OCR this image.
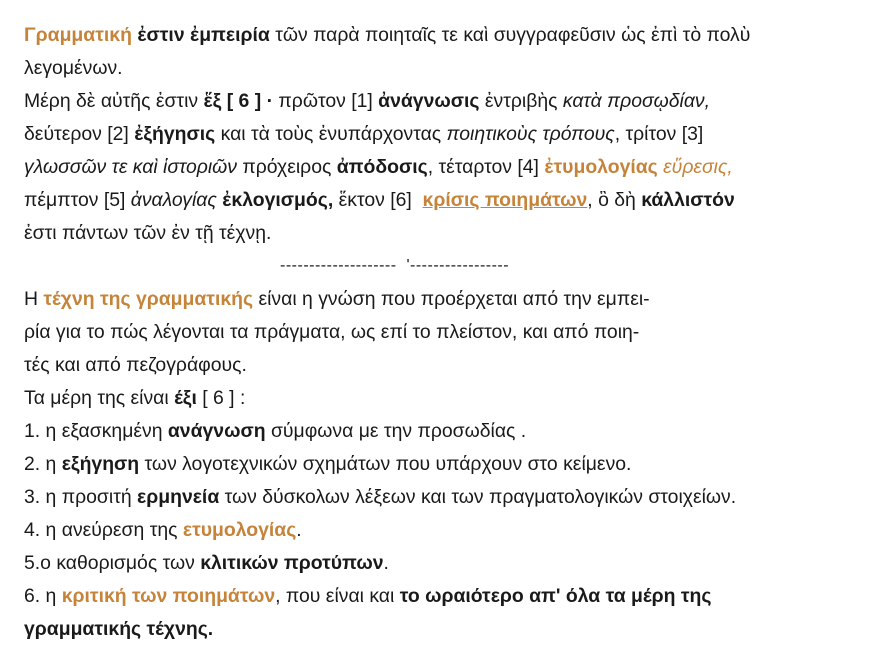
Γραμματική ἐστιν ἐμπειρία τῶν παρὰ ποιηταῖς τε καὶ συγγραφεῦσιν ὡς ἐπὶ τὸ πολὺ
λεγομένων.
Μέρη δὲ αὐτῆς ἐστιν ἕξ [ 6 ] · πρῶτον [1] ἀνάγνωσις ἐντριβὴς κατὰ προσῳδίαν,
δεύτερον [2] ἐξήγησις και τὰ τοὺς ἐνυπάρχοντας ποιητικοὺς τρόπους, τρίτον [3]
γλωσσῶν τε καὶ ἱστοριῶν πρόχειρος ἀπόδοσις, τέταρτον [4] ἐτυμολογίας εὕρεσις,
πέμπτον [5] ἀναλογίας ἐκλογισμός, ἕκτον [6]  κρίσις ποιημάτων, ὃ δὴ κάλλιστόν
ἐστι πάντων τῶν ἐν τῇ τέχνῃ.
--------------------  '-----------------
Η τέχνη της γραμματικής είναι η γνώση που προέρχεται από την εμπει-
ρία για το πώς λέγονται τα πράγματα, ως επί το πλείστον, και από ποιη-
τές και από πεζογράφους.
Τα μέρη της είναι έξι [ 6 ] :
1. η εξασκημένη ανάγνωση σύμφωνα με την προσωδίας .
2. η εξήγηση των λογοτεχνικών σχημάτων που υπάρχουν στο κείμενο.
3. η προσιτή ερμηνεία των δύσκολων λέξεων και των πραγματολογικών στοιχείων.
4. η ανεύρεση της ετυμολογίας.
5.ο καθορισμός των κλιτικών προτύπων.
6. η κριτική των ποιημάτων, που είναι και το ωραιότερο απ' όλα τα μέρη της
γραμματικής τέχνης.
